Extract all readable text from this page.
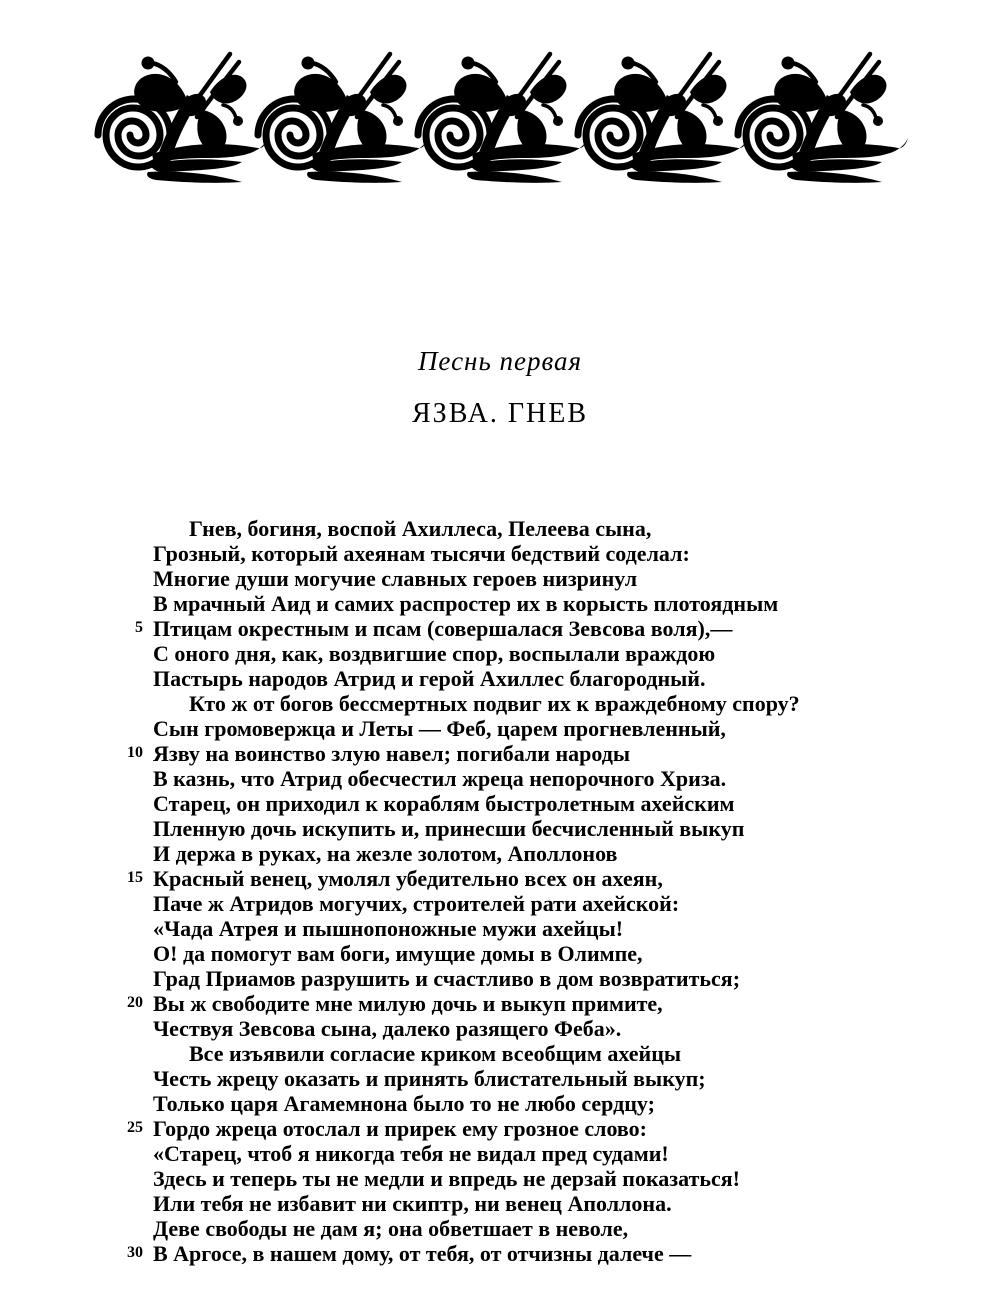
Песнь первая
ЯЗВА. ГНЕВ
Гнев, богиня, воспой Ахиллеса, Пелеева сына,
Грозный, который ахеянам тысячи бедствий соделал:
Многие души могучие славных героев низринул
В мрачный Аид и самих распростер их в корысть плотоядным
5 Птицам окрестным и псам (совершалася Зевсова воля),—
С оного дня, как, воздвигшие спор, воспылали враждою
Пастырь народов Атрид и герой Ахиллес благородный.
Кто ж от богов бессмертных подвиг их к враждебному спору?
Сын громовержца и Леты — Феб, царем прогневленный,
10 Язву на воинство злую навел; погибали народы
В казнь, что Атрид обесчестил жреца непорочного Хриза.
Старец, он приходил к кораблям быстролетным ахейским
Пленную дочь искупить и, принесши бесчисленный выкуп
И держа в руках, на жезле золотом, Аполлонов
15 Красный венец, умолял убедительно всех он ахеян,
Паче ж Атридов могучих, строителей рати ахейской:
«Чада Атрея и пышнопоножные мужи ахейцы!
О! да помогут вам боги, имущие домы в Олимпе,
Град Приамов разрушить и счастливо в дом возвратиться;
20 Вы ж свободите мне милую дочь и выкуп примите,
Чествуя Зевсова сына, далеко разящего Феба».
Все изъявили согласие криком всеобщим ахейцы
Честь жрецу оказать и принять блистательный выкуп;
Только царя Агамемнона было то не любо сердцу;
25 Гордо жреца отослал и прирек ему грозное слово:
«Старец, чтоб я никогда тебя не видал пред судами!
Здесь и теперь ты не медли и впредь не дерзай показаться!
Или тебя не избавит ни скиптр, ни венец Аполлона.
Деве свободы не дам я; она обветшает в неволе,
30 В Аргосе, в нашем дому, от тебя, от отчизны далече —
